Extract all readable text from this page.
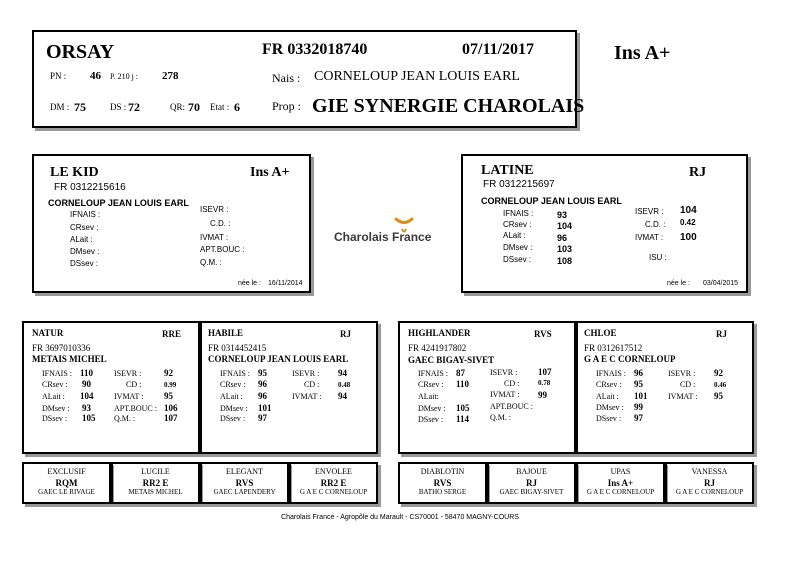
ORSAY	FR 0332018740	07/11/2017	Ins A+
PN : 46 P. 210 j : 278	Nais : CORNELOUP JEAN LOUIS EARL
DM : 75	DS : 72	QR: 70 Etat : 6	Prop : GIE SYNERGIE CHAROLAIS
LE KID	Ins A+
FR 0312215616
CORNELOUP JEAN LOUIS EARL
IFNAIS :
CRsev :
ALait :
DMsev :
DSsev :
ISEVR :
C.D. :
IVMAT :
APT.BOUC :
Q.M. :
née le : 16/11/2014
Charolais France
LATINE	RJ
FR 0312215697
CORNELOUP JEAN LOUIS EARL
IFNAIS :	93
CRsev :	104
ALait :	96
DMsev :	103
DSsev :	108
ISEVR : 104
C.D. : 0.42
IVMAT : 100
ISU :
née le : 03/04/2015
NATUR	RRE
FR 3697010336
METAIS MICHEL
IFNAIS : 110
CRsev : 90
ALait : 104
DMsev : 93
DSsev : 105
ISEVR :	92
CD :	0.99
IVMAT : 95
APT.BOUC : 106
Q.M. :	107
HABILE	RJ
FR 0314452415
CORNELOUP JEAN LOUIS EARL
IFNAIS : 95
CRsev : 96
ALait : 96
DMsev : 101
DSsev : 97
ISEVR : 94
CD :	0.48
IVMAT : 94
HIGHLANDER	RVS
FR 4241917802
GAEC BIGAY-SIVET
IFNAIS : 87
CRsev : 110
ALait:
DMsev : 105
DSsev : 114
ISEVR : 107
CD :	0.78
IVMAT : 99
APT.BOUC :
Q.M. :
CHLOE	RJ
FR 0312617512
G A E C CORNELOUP
IFNAIS : 96
CRsev : 95
ALait : 101
DMsev : 99
DSsev : 97
ISEVR : 92
CD :	0.46
IVMAT : 95
EXCLUSIF
RQM
GAEC LE RIVAGE
LUCILE
RR2 E
METAIS MICHEL
ELEGANT
RVS
GAEC LAPENDERY
ENVOLEE
RR2 E
G A E C CORNELOUP
DIABLOTIN
RVS
BATHO SERGE
BAJOUE
RJ
GAEC BIGAY-SIVET
UPAS
Ins A+
G A E C CORNELOUP
VANESSA
RJ
G A E C CORNELOUP
Charolais France - Agropôle du Marault - CS70001 - 58470 MAGNY-COURS
